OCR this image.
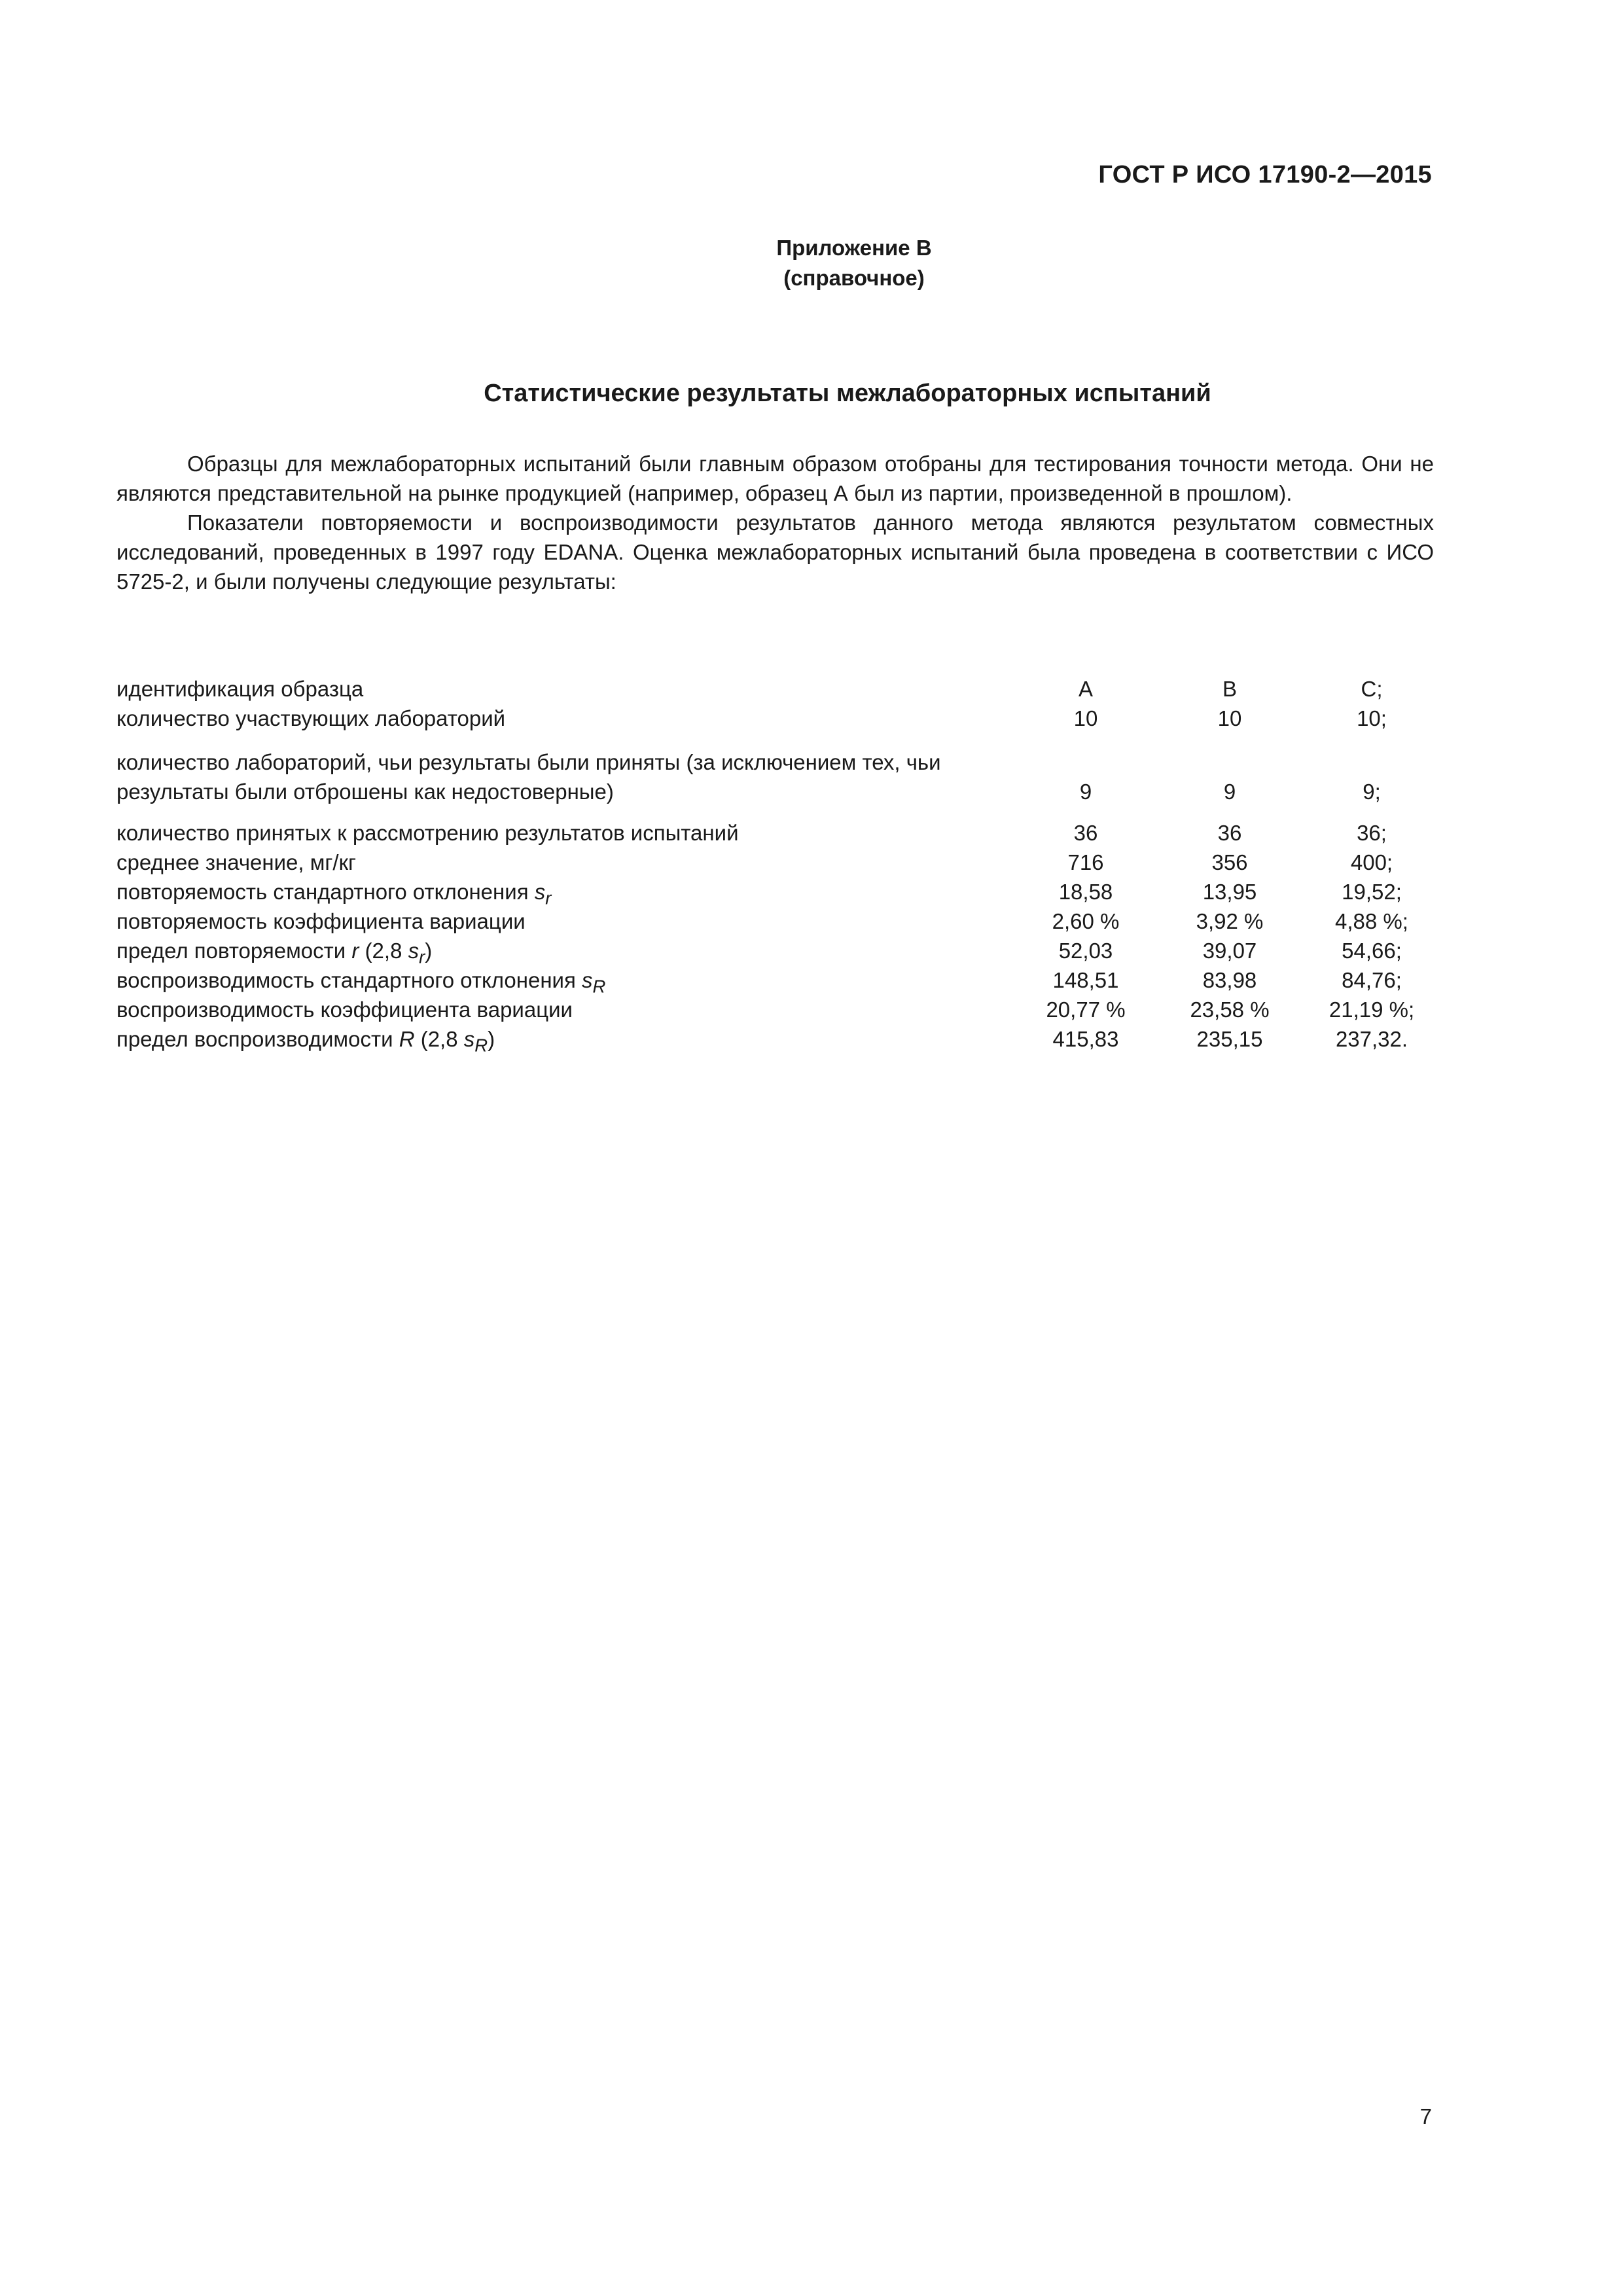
ГОСТ Р ИСО 17190-2—2015
Приложение В
(справочное)
Статистические результаты межлабораторных испытаний

Образцы для межлабораторных испытаний были главным образом отобраны для тестирования точности метода. Они не являются представительной на рынке продукцией (например, образец А был из партии, произведенной в прошлом).

Показатели повторяемости и воспроизводимости результатов данного метода являются результатом совместных исследований, проведенных в 1997 году EDANA. Оценка межлабораторных испытаний была проведена в соответствии с ИСО 5725-2, и были получены следующие результаты:

идентификация образца	А	В	С;
количество участвующих лабораторий	10	10	10;
количество лабораторий, чьи результаты были приняты (за исключением тех, чьи результаты были отброшены как недостоверные)	9	9	9;
количество принятых к рассмотрению результатов испытаний	36	36	36;
среднее значение, мг/кг	716	356	400;
повторяемость стандартного отклонения $s_r$	18,58	13,95	19,52;
повторяемость коэффициента вариации	2,60 %	3,92 %	4,88 %;
предел повторяемости r (2,8 $s_r$)	52,03	39,07	54,66;
воспроизводимость стандартного отклонения $s_R$	148,51	83,98	84,76;
воспроизводимость коэффициента вариации	20,77 %	23,58 %	21,19 %;
предел воспроизводимости R (2,8 $s_R$)	415,83	235,15	237,32.
7
